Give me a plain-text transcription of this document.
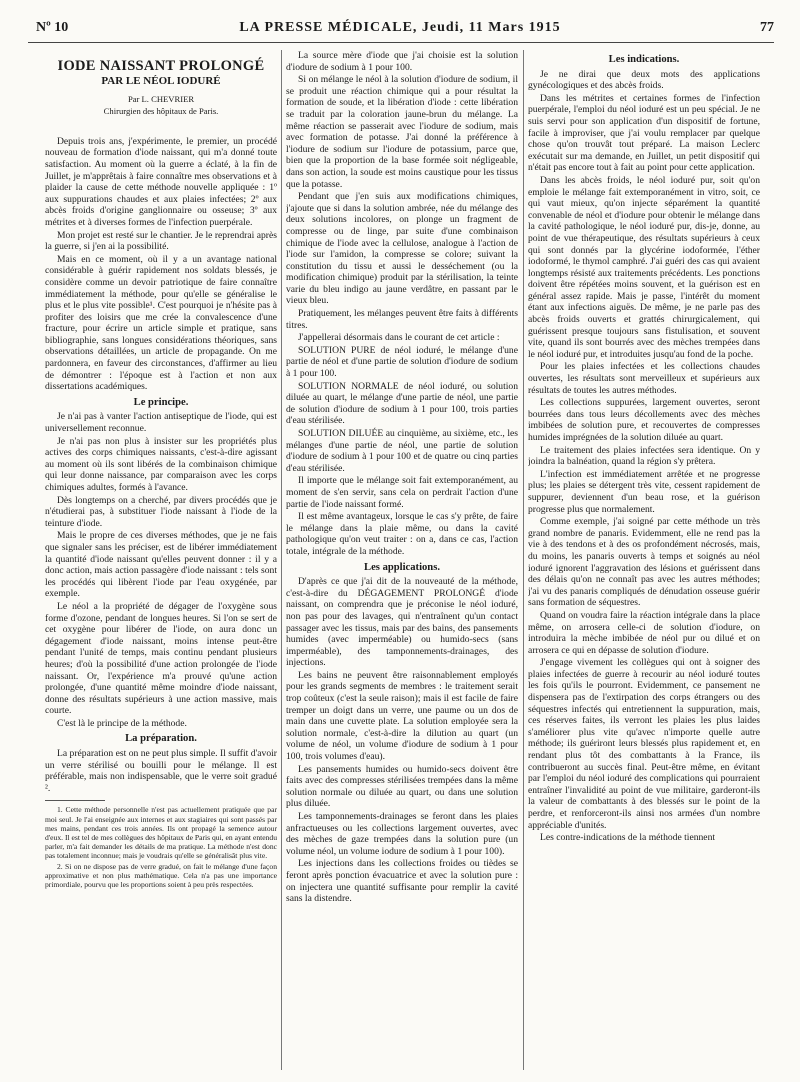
Nº 10	LA PRESSE MÉDICALE, Jeudi, 11 Mars 1915	77
IODE NAISSANT PROLONGÉ
PAR LE NÉOL IODURÉ
Par L. CHEVRIER
Chirurgien des hôpitaux de Paris.

Depuis trois ans, j'expérimente, le premier, un procédé nouveau de formation d'iode naissant, qui m'a donné toute satisfaction. Au moment où la guerre a éclaté, à la fin de Juillet, je m'apprêtais à faire connaître mes observations et à plaider la cause de cette méthode nouvelle appliquée : 1º aux suppurations chaudes et aux plaies infectées; 2º aux abcès froids d'origine ganglionnaire ou osseuse; 3º aux métrites et à diverses formes de l'infection puerpérale.

Mon projet est resté sur le chantier. Je le reprendrai après la guerre, si j'en ai la possibilité.

Mais en ce moment, où il y a un avantage national considérable à guérir rapidement nos soldats blessés, je considère comme un devoir patriotique de faire connaître immédiatement la méthode, pour qu'elle se généralise le plus et le plus vite possible¹. C'est pourquoi je n'hésite pas à profiter des loisirs que me crée la convalescence d'une fracture, pour écrire un article simple et pratique, sans bibliographie, sans longues considérations théoriques, sans observations détaillées, un article de propagande. On me pardonnera, en faveur des circonstances, d'affirmer au lieu de démontrer : l'époque est à l'action et non aux dissertations académiques.

Le principe.

Je n'ai pas à vanter l'action antiseptique de l'iode, qui est universellement reconnue.

Je n'ai pas non plus à insister sur les propriétés plus actives des corps chimiques naissants, c'est-à-dire agissant au moment où ils sont libérés de la combinaison chimique qui leur donne naissance, par comparaison avec les corps chimiques adultes, formés à l'avance.

Dès longtemps on a cherché, par divers procédés que je n'étudierai pas, à substituer l'iode naissant à l'iode de la teinture d'iode.

Mais le propre de ces diverses méthodes, que je ne fais que signaler sans les préciser, est de libérer immédiatement la quantité d'iode naissant qu'elles peuvent donner : il y a donc action, mais action passagère d'iode naissant : tels sont les procédés qui libèrent l'iode par l'eau oxygénée, par exemple.

Le néol a la propriété de dégager de l'oxygène sous forme d'ozone, pendant de longues heures. Si l'on se sert de cet oxygène pour libérer de l'iode, on aura donc un dégagement d'iode naissant, moins intense peut-être pendant l'unité de temps, mais continu pendant plusieurs heures; d'où la possibilité d'une action prolongée de l'iode naissant. Or, l'expérience m'a prouvé qu'une action prolongée, d'une quantité même moindre d'iode naissant, donne des résultats supérieurs à une action massive, mais courte.

C'est là le principe de la méthode.

La préparation.

La préparation est on ne peut plus simple. Il suffit d'avoir un verre stérilisé ou bouilli pour le mélange. Il est préférable, mais non indispensable, que le verre soit gradué ².

1. Cette méthode personnelle n'est pas actuellement pratiquée que par moi seul. Je l'ai enseignée aux internes et aux stagiaires qui sont passés par mes mains, pendant ces trois années. Ils ont propagé la semence autour d'eux. Il est tel de mes collègues des hôpitaux de Paris qui, en ayant entendu parler, m'a fait demander les détails de ma pratique. La méthode n'est donc pas totalement inconnue; mais je voudrais qu'elle se généralisât plus vite.

2. Si on ne dispose pas de verre gradué, on fait le mélange d'une façon approximative et non plus mathématique. Cela n'a pas une importance primordiale, pourvu que les proportions soient à peu près respectées.

La source mère d'iode que j'ai choisie est la solution d'iodure de sodium à 1 pour 100.

Si on mélange le néol à la solution d'iodure de sodium, il se produit une réaction chimique qui a pour résultat la formation de soude, et la libération d'iode : cette libération se traduit par la coloration jaune-brun du mélange. La même réaction se passerait avec l'iodure de sodium, mais avec formation de potasse. J'ai donné la préférence à l'iodure de sodium sur l'iodure de potassium, parce que, bien que la proportion de la base formée soit négligeable, dans son action, la soude est moins caustique pour les tissus que la potasse.

Pendant que j'en suis aux modifications chimiques, j'ajoute que si dans la solution ambrée, née du mélange des deux solutions incolores, on plonge un fragment de compresse ou de linge, par suite d'une combinaison chimique de l'iode avec la cellulose, analogue à l'action de l'iode sur l'amidon, la compresse se colore; suivant la constitution du tissu et aussi le desséchement (ou la modification chimique) produit par la stérilisation, la teinte varie du bleu indigo au jaune verdâtre, en passant par le vieux bleu.

Pratiquement, les mélanges peuvent être faits à différents titres.

J'appellerai désormais dans le courant de cet article :

SOLUTION PURE de néol ioduré, le mélange d'une partie de néol et d'une partie de solution d'iodure de sodium à 1 pour 100.

SOLUTION NORMALE de néol ioduré, ou solution diluée au quart, le mélange d'une partie de néol, une partie de solution d'iodure de sodium à 1 pour 100, trois parties d'eau stérilisée.

SOLUTION DILUÉE au cinquième, au sixième, etc., les mélanges d'une partie de néol, une partie de solution d'iodure de sodium à 1 pour 100 et de quatre ou cinq parties d'eau stérilisée.

Il importe que le mélange soit fait extemporanément, au moment de s'en servir, sans cela on perdrait l'action d'une partie de l'iode naissant formé.

Il est même avantageux, lorsque le cas s'y prête, de faire le mélange dans la plaie même, ou dans la cavité pathologique qu'on veut traiter : on a, dans ce cas, l'action totale, intégrale de la méthode.

Les applications.

D'après ce que j'ai dit de la nouveauté de la méthode, c'est-à-dire du DÉGAGEMENT PROLONGÉ d'iode naissant, on comprendra que je préconise le néol ioduré, non pas pour des lavages, qui n'entraînent qu'un contact passager avec les tissus, mais par des bains, des pansements humides (avec imperméable) ou humido-secs (sans imperméable), des tamponnements-drainages, des injections.

Les bains ne peuvent être raisonnablement employés pour les grands segments de membres : le traitement serait trop coûteux (c'est la seule raison); mais il est facile de faire tremper un doigt dans un verre, une paume ou un dos de main dans une cuvette plate. La solution employée sera la solution normale, c'est-à-dire la dilution au quart (un volume de néol, un volume d'iodure de sodium à 1 pour 100, trois volumes d'eau).

Les pansements humides ou humido-secs doivent être faits avec des compresses stérilisées trempées dans la même solution normale ou diluée au quart, ou dans une solution plus diluée.

Les tamponnements-drainages se feront dans les plaies anfractueuses ou les collections largement ouvertes, avec des mèches de gaze trempées dans la solution pure (un volume néol, un volume iodure de sodium à 1 pour 100).

Les injections dans les collections froides ou tièdes se feront après ponction évacuatrice et avec la solution pure : on injectera une quantité suffisante pour remplir la cavité sans la distendre.

Les indications.

Je ne dirai que deux mots des applications gynécologiques et des abcès froids.

Dans les métrites et certaines formes de l'infection puerpérale, l'emploi du néol ioduré est un peu spécial. Je ne suis servi pour son application d'un dispositif de fortune, facile à improviser, que j'ai voulu remplacer par quelque chose qu'on trouvât tout préparé. La maison Leclerc exécutait sur ma demande, en Juillet, un petit dispositif qui n'était pas encore tout à fait au point pour cette application.

Dans les abcès froids, le néol ioduré pur, soit qu'on emploie le mélange fait extemporanément in vitro, soit, ce qui vaut mieux, qu'on injecte séparément la quantité convenable de néol et d'iodure pour obtenir le mélange dans la cavité pathologique, le néol ioduré pur, dis-je, donne, au point de vue thérapeutique, des résultats supérieurs à ceux qui sont donnés par la glycérine iodoformée, l'éther iodoformé, le thymol camphré. J'ai guéri des cas qui avaient longtemps résisté aux traitements précédents. Les ponctions doivent être répétées moins souvent, et la guérison est en général assez rapide. Mais je passe, l'intérêt du moment étant aux infections aiguës. De même, je ne parle pas des abcès froids ouverts et grattés chirurgicalement, qui guérissent presque toujours sans fistulisation, et souvent vite, quand ils sont bourrés avec des mèches trempées dans le néol ioduré pur, et introduites jusqu'au fond de la poche.

Pour les plaies infectées et les collections chaudes ouvertes, les résultats sont merveilleux et supérieurs aux résultats de toutes les autres méthodes.

Les collections suppurées, largement ouvertes, seront bourrées dans tous leurs décollements avec des mèches imbibées de solution pure, et recouvertes de compresses humides imprégnées de la solution diluée au quart.

Le traitement des plaies infectées sera identique. On y joindra la balnéation, quand la région s'y prêtera.

L'infection est immédiatement arrêtée et ne progresse plus; les plaies se détergent très vite, cessent rapidement de suppurer, deviennent d'un beau rose, et la guérison progresse plus que normalement.

Comme exemple, j'ai soigné par cette méthode un très grand nombre de panaris. Evidemment, elle ne rend pas la vie à des tendons et à des os profondément nécrosés, mais, du moins, les panaris ouverts à temps et soignés au néol ioduré ignorent l'aggravation des lésions et guérissent dans des délais qu'on ne connaît pas avec les autres méthodes; j'ai vu des panaris compliqués de dénudation osseuse guérir sans formation de séquestres.

Quand on voudra faire la réaction intégrale dans la place même, on arrosera celle-ci de solution d'iodure, on introduira la mèche imbibée de néol pur ou dilué et on arrosera ce qui en dépasse de solution d'iodure.

J'engage vivement les collègues qui ont à soigner des plaies infectées de guerre à recourir au néol ioduré toutes les fois qu'ils le pourront. Evidemment, ce pansement ne dispensera pas de l'extirpation des corps étrangers ou des séquestres infectés qui entretiennent la suppuration, mais, ces réserves faites, ils verront les plaies les plus laides s'améliorer plus vite qu'avec n'importe quelle autre méthode; ils guériront leurs blessés plus rapidement et, en rendant plus tôt des combattants à la France, ils contribueront au succès final. Peut-être même, en évitant par l'emploi du néol ioduré des complications qui pourraient entraîner l'invalidité au point de vue militaire, garderont-ils la valeur de combattants à des blessés sur le point de la perdre, et renforceront-ils ainsi nos armées d'un nombre appréciable d'unités.

Les contre-indications de la méthode tiennent
